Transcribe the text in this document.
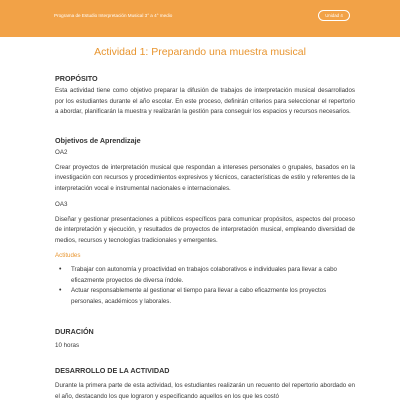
Programa de Estudio Interpretación Musical 3° a 4° medio	Unidad 4
Actividad 1: Preparando una muestra musical

PROPÓSITO

Esta actividad tiene como objetivo preparar la difusión de trabajos de interpretación musical desarrollados por los estudiantes durante el año escolar. En este proceso, definirán criterios para seleccionar el repertorio a abordar, planificarán la muestra y realizarán la gestión para conseguir los espacios y recursos necesarios.

Objetivos de Aprendizaje

OA2

Crear proyectos de interpretación musical que respondan a intereses personales o grupales, basados en la investigación con recursos y procedimientos expresivos y técnicos, características de estilo y referentes de la interpretación vocal e instrumental nacionales e internacionales.

OA3

Diseñar y gestionar presentaciones a públicos específicos para comunicar propósitos, aspectos del proceso de interpretación y ejecución, y resultados de proyectos de interpretación musical, empleando diversidad de medios, recursos y tecnologías tradicionales y emergentes.

Actitudes

• Trabajar con autonomía y proactividad en trabajos colaborativos e individuales para llevar a cabo eficazmente proyectos de diversa índole.
• Actuar responsablemente al gestionar el tiempo para llevar a cabo eficazmente los proyectos personales, académicos y laborales.

DURACIÓN

10 horas

DESARROLLO DE LA ACTIVIDAD

Durante la primera parte de esta actividad, los estudiantes realizarán un recuento del repertorio abordado en el año, destacando los que lograron y especificando aquellos en los que les costó
